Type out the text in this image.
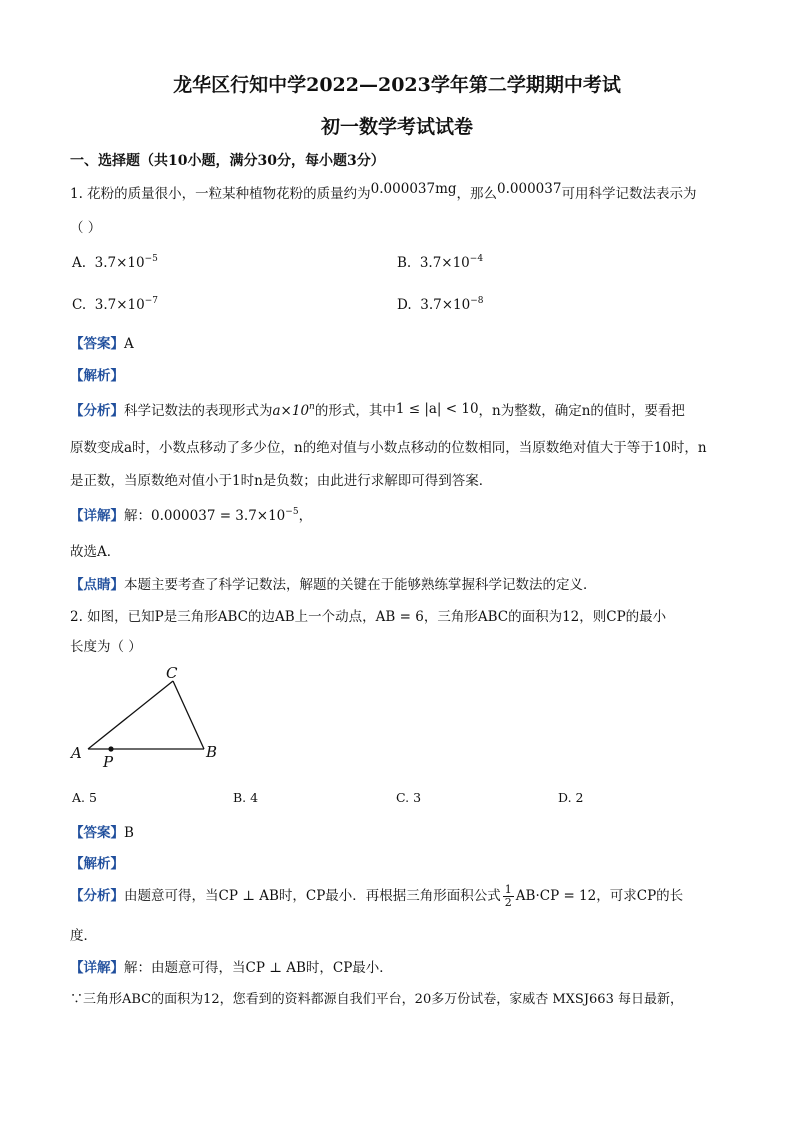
龙华区行知中学2022—2023学年第二学期期中考试
初一数学考试试卷
一、选择题（共10小题，满分30分，每小题3分）
1. 花粉的质量很小，一粒某种植物花粉的质量约为0.000037mg，那么0.000037可用科学记数法表示为
（ ）
A. $3.7\times 10^{-5}$	B. $3.7\times 10^{-4}$
C. $3.7\times 10^{-7}$	D. $3.7\times 10^{-8}$
【答案】A
【解析】
【分析】科学记数法的表现形式为$a\times 10^n$的形式，其中1 ≤ |a| < 10，n为整数，确定n的值时，要看把
原数变成a时，小数点移动了多少位，n的绝对值与小数点移动的位数相同，当原数绝对值大于等于10时，n
是正数，当原数绝对值小于1时n是负数；由此进行求解即可得到答案．
【详解】解：$0.000037 = 3.7\times 10^{-5}$，
故选A．
【点睛】本题主要考查了科学记数法，解题的关键在于能够熟练掌握科学记数法的定义．
2. 如图，已知P是三角形ABC的边AB上一个动点，AB = 6，三角形ABC的面积为12，则CP的最小
长度为（ ）
C
A	B
P
A. 5	B. 4	C. 3	D. 2
【答案】B
【解析】
【分析】由题意可得，当CP ⊥ AB时，CP最小．再根据三角形面积公式 $\frac{1}{2} AB\cdot CP = 12$，可求CP的长
度．
【详解】解：由题意可得，当CP ⊥ AB时，CP最小．
∵三角形ABC的面积为12，您看到的资料都源自我们平台，20多万份试卷，家威杏 MXSJ663 每日最新，
